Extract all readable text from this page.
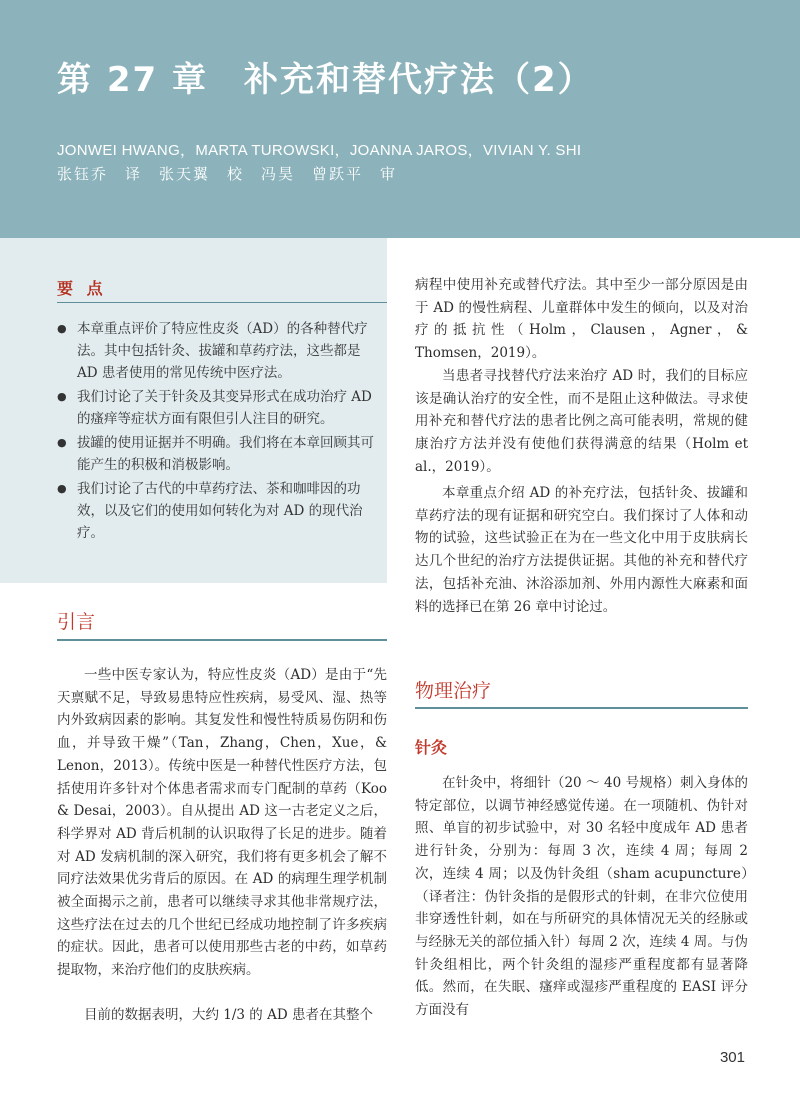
第 27 章　补充和替代疗法（2）
JONWEI HWANG，MARTA TUROWSKI，JOANNA JAROS，VIVIAN Y. SHI
张钰乔　译　张天翼　校　冯昊　曾跃平　审
要 点
● 本章重点评价了特应性皮炎（AD）的各种替代疗法。其中包括针灸、拔罐和草药疗法，这些都是 AD 患者使用的常见传统中医疗法。
● 我们讨论了关于针灸及其变异形式在成功治疗 AD 的瘙痒等症状方面有限但引人注目的研究。
● 拔罐的使用证据并不明确。我们将在本章回顾其可能产生的积极和消极影响。
● 我们讨论了古代的中草药疗法、茶和咖啡因的功效，以及它们的使用如何转化为对 AD 的现代治疗。
引言

一些中医专家认为，特应性皮炎（AD）是由于“先天禀赋不足，导致易患特应性疾病，易受风、湿、热等内外致病因素的影响。其复发性和慢性特质易伤阴和伤血，并导致干燥”（Tan，Zhang，Chen，Xue，& Lenon，2013）。传统中医是一种替代性医疗方法，包括使用许多针对个体患者需求而专门配制的草药（Koo & Desai，2003）。自从提出 AD 这一古老定义之后，科学界对 AD 背后机制的认识取得了长足的进步。随着对 AD 发病机制的深入研究，我们将有更多机会了解不同疗法效果优劣背后的原因。在 AD 的病理生理学机制被全面揭示之前，患者可以继续寻求其他非常规疗法，这些疗法在过去的几个世纪已经成功地控制了许多疾病的症状。因此，患者可以使用那些古老的中药，如草药提取物，来治疗他们的皮肤疾病。

目前的数据表明，大约 1/3 的 AD 患者在其整个

病程中使用补充或替代疗法。其中至少一部分原因是由于 AD 的慢性病程、儿童群体中发生的倾向，以及对治疗的抵抗性（Holm，Clausen，Agner，& Thomsen，2019）。

当患者寻找替代疗法来治疗 AD 时，我们的目标应该是确认治疗的安全性，而不是阻止这种做法。寻求使用补充和替代疗法的患者比例之高可能表明，常规的健康治疗方法并没有使他们获得满意的结果（Holm et al.，2019）。

本章重点介绍 AD 的补充疗法，包括针灸、拔罐和草药疗法的现有证据和研究空白。我们探讨了人体和动物的试验，这些试验正在为在一些文化中用于皮肤病长达几个世纪的治疗方法提供证据。其他的补充和替代疗法，包括补充油、沐浴添加剂、外用内源性大麻素和面料的选择已在第 26 章中讨论过。

物理治疗
针灸

在针灸中，将细针（20 ～ 40 号规格）刺入身体的特定部位，以调节神经感觉传递。在一项随机、伪针对照、单盲的初步试验中，对 30 名轻中度成年 AD 患者进行针灸，分别为：每周 3 次，连续 4 周；每周 2 次，连续 4 周；以及伪针灸组（sham acupuncture）（译者注：伪针灸指的是假形式的针刺，在非穴位使用非穿透性针刺，如在与所研究的具体情况无关的经脉或与经脉无关的部位插入针）每周 2 次，连续 4 周。与伪针灸组相比，两个针灸组的湿疹严重程度都有显著降低。然而，在失眠、瘙痒或湿疹严重程度的 EASI 评分方面没有

301
